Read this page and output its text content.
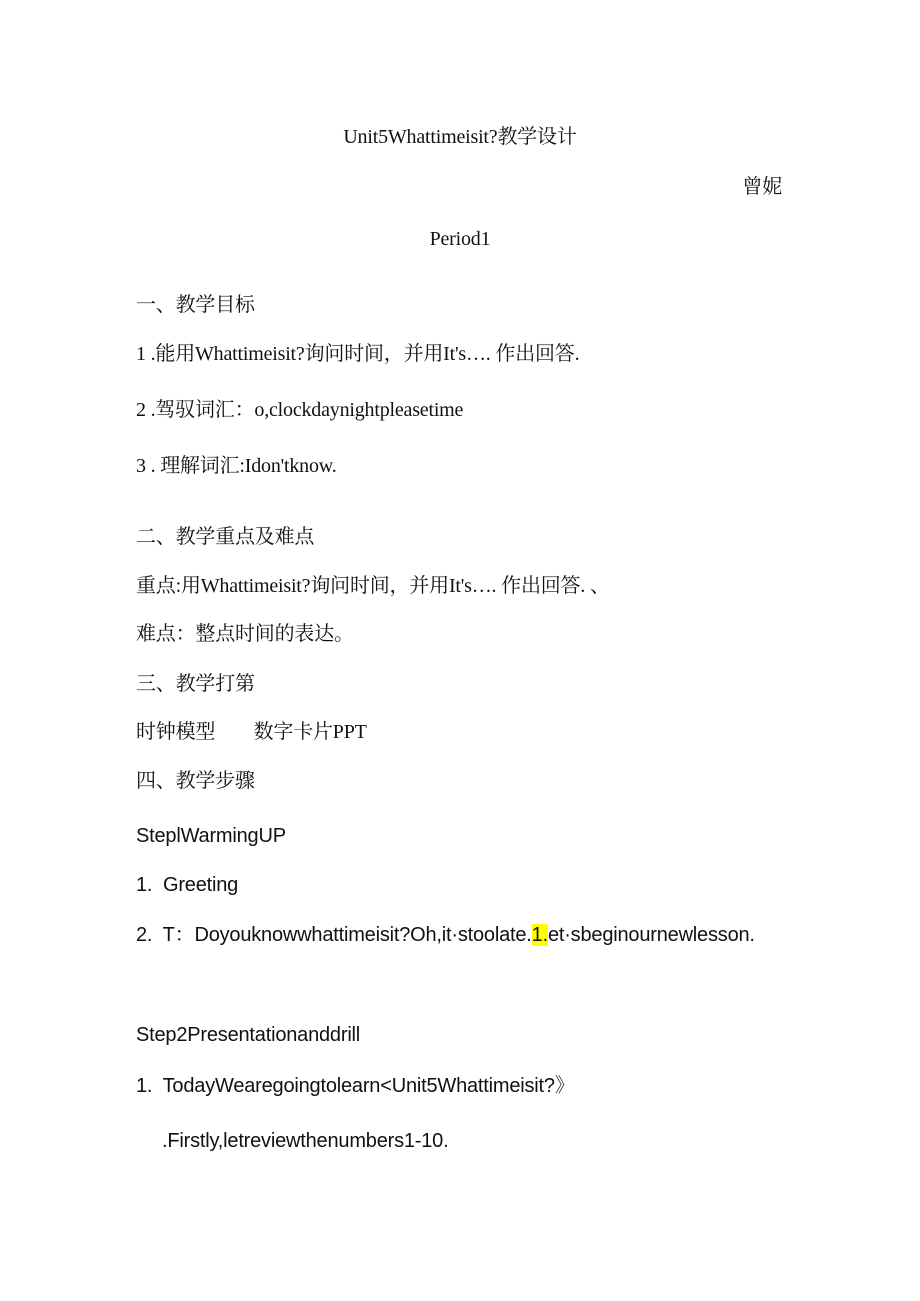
Unit5Whattimeisit?教学设计
曾妮
Period1
一、教学目标
1 .能用Whattimeisit?询问时间，并用It's…. 作出回答.
2 .驾驭词汇：o,clockdaynightpleasetime
3 . 理解词汇:Idon'tknow.
二、教学重点及难点
重点:用Whattimeisit?询问时间，并用It's…. 作出回答. 、
难点：整点时间的表达。
三、教学打第
时钟模型        数字卡片PPT
四、教学步骤
SteplWarmingUP
1.  Greeting
2.  T：Doyouknowwhattimeisit?Oh,it·stoolate.1.et·sbeginournewlesson.
Step2Presentationanddrill
1.  TodayWearegoingtolearn<Unit5Whattimeisit?》
.Firstly,letreviewthenumbers1-10.
